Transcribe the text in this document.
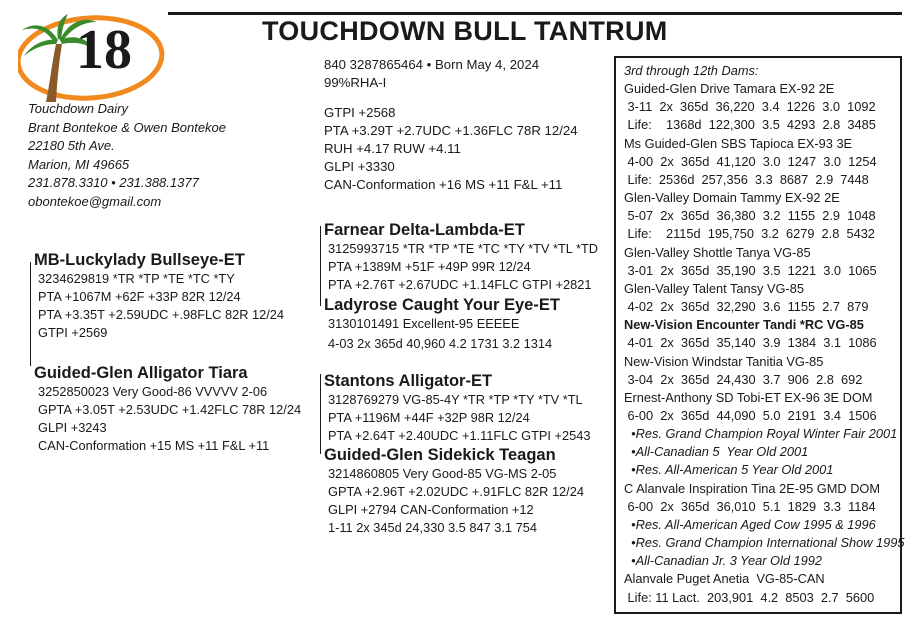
18	TOUCHDOWN BULL TANTRUM
Touchdown Dairy
Brant Bontekoe & Owen Bontekoe
22180 5th Ave.
Marion, MI 49665
231.878.3310 • 231.388.1377
obontekoe@gmail.com
840 3287865464 • Born May 4, 2024
99%RHA-I
GTPI +2568
PTA +3.29T +2.7UDC +1.36FLC 78R 12/24
RUH +4.17 RUW +4.11
GLPI +3330
CAN-Conformation +16 MS +11 F&L +11
MB-Luckylady Bullseye-ET
3234629819 *TR *TP *TE *TC *TY
PTA +1067M +62F +33P 82R 12/24
PTA +3.35T +2.59UDC +.98FLC 82R 12/24
GTPI +2569
Guided-Glen Alligator Tiara
3252850023 Very Good-86 VVVVV 2-06
GPTA +3.05T +2.53UDC +1.42FLC 78R 12/24
GLPI +3243
CAN-Conformation +15 MS +11 F&L +11
Farnear Delta-Lambda-ET
3125993715 *TR *TP *TE *TC *TY *TV *TL *TD
PTA +1389M +51F +49P 99R 12/24
PTA +2.76T +2.67UDC +1.14FLC GTPI +2821
Ladyrose Caught Your Eye-ET
3130101491 Excellent-95 EEEEE
4-03 2x 365d 40,960 4.2 1731 3.2 1314
Stantons Alligator-ET
3128769279 VG-85-4Y *TR *TP *TY *TV *TL
PTA +1196M +44F +32P 98R 12/24
PTA +2.64T +2.40UDC +1.11FLC GTPI +2543
Guided-Glen Sidekick Teagan
3214860805 Very Good-85 VG-MS 2-05
GPTA +2.96T +2.02UDC +.91FLC 82R 12/24
GLPI +2794 CAN-Conformation +12
1-11 2x 345d 24,330 3.5 847 3.1 754
3rd through 12th Dams:
Guided-Glen Drive Tamara EX-92 2E
3-11  2x  365d  36,220  3.4  1226  3.0  1092
Life:    1368d  122,300  3.5  4293  2.8  3485
Ms Guided-Glen SBS Tapioca EX-93 3E
4-00  2x  365d  41,120  3.0  1247  3.0  1254
Life:  2536d  257,356  3.3  8687  2.9  7448
Glen-Valley Domain Tammy EX-92 2E
5-07  2x  365d  36,380  3.2  1155  2.9  1048
Life:    2115d  195,750  3.2  6279  2.8  5432
Glen-Valley Shottle Tanya VG-85
3-01  2x  365d  35,190  3.5  1221  3.0  1065
Glen-Valley Talent Tansy VG-85
4-02  2x  365d  32,290  3.6  1155  2.7  879
New-Vision Encounter Tandi *RC VG-85
4-01  2x  365d  35,140  3.9  1384  3.1  1086
New-Vision Windstar Tanitia VG-85
3-04  2x  365d  24,430  3.7  906  2.8  692
Ernest-Anthony SD Tobi-ET EX-96 3E DOM
6-00  2x  365d  44,090  5.0  2191  3.4  1506
•Res. Grand Champion Royal Winter Fair 2001
•All-Canadian 5  Year Old 2001
•Res. All-American 5 Year Old 2001
C Alanvale Inspiration Tina 2E-95 GMD DOM
6-00  2x  365d  36,010  5.1  1829  3.3  1184
•Res. All-American Aged Cow 1995 & 1996
•Res. Grand Champion International Show 1995
•All-Canadian Jr. 3 Year Old 1992
Alanvale Puget Anetia  VG-85-CAN
Life: 11 Lact.  203,901  4.2  8503  2.7  5600
